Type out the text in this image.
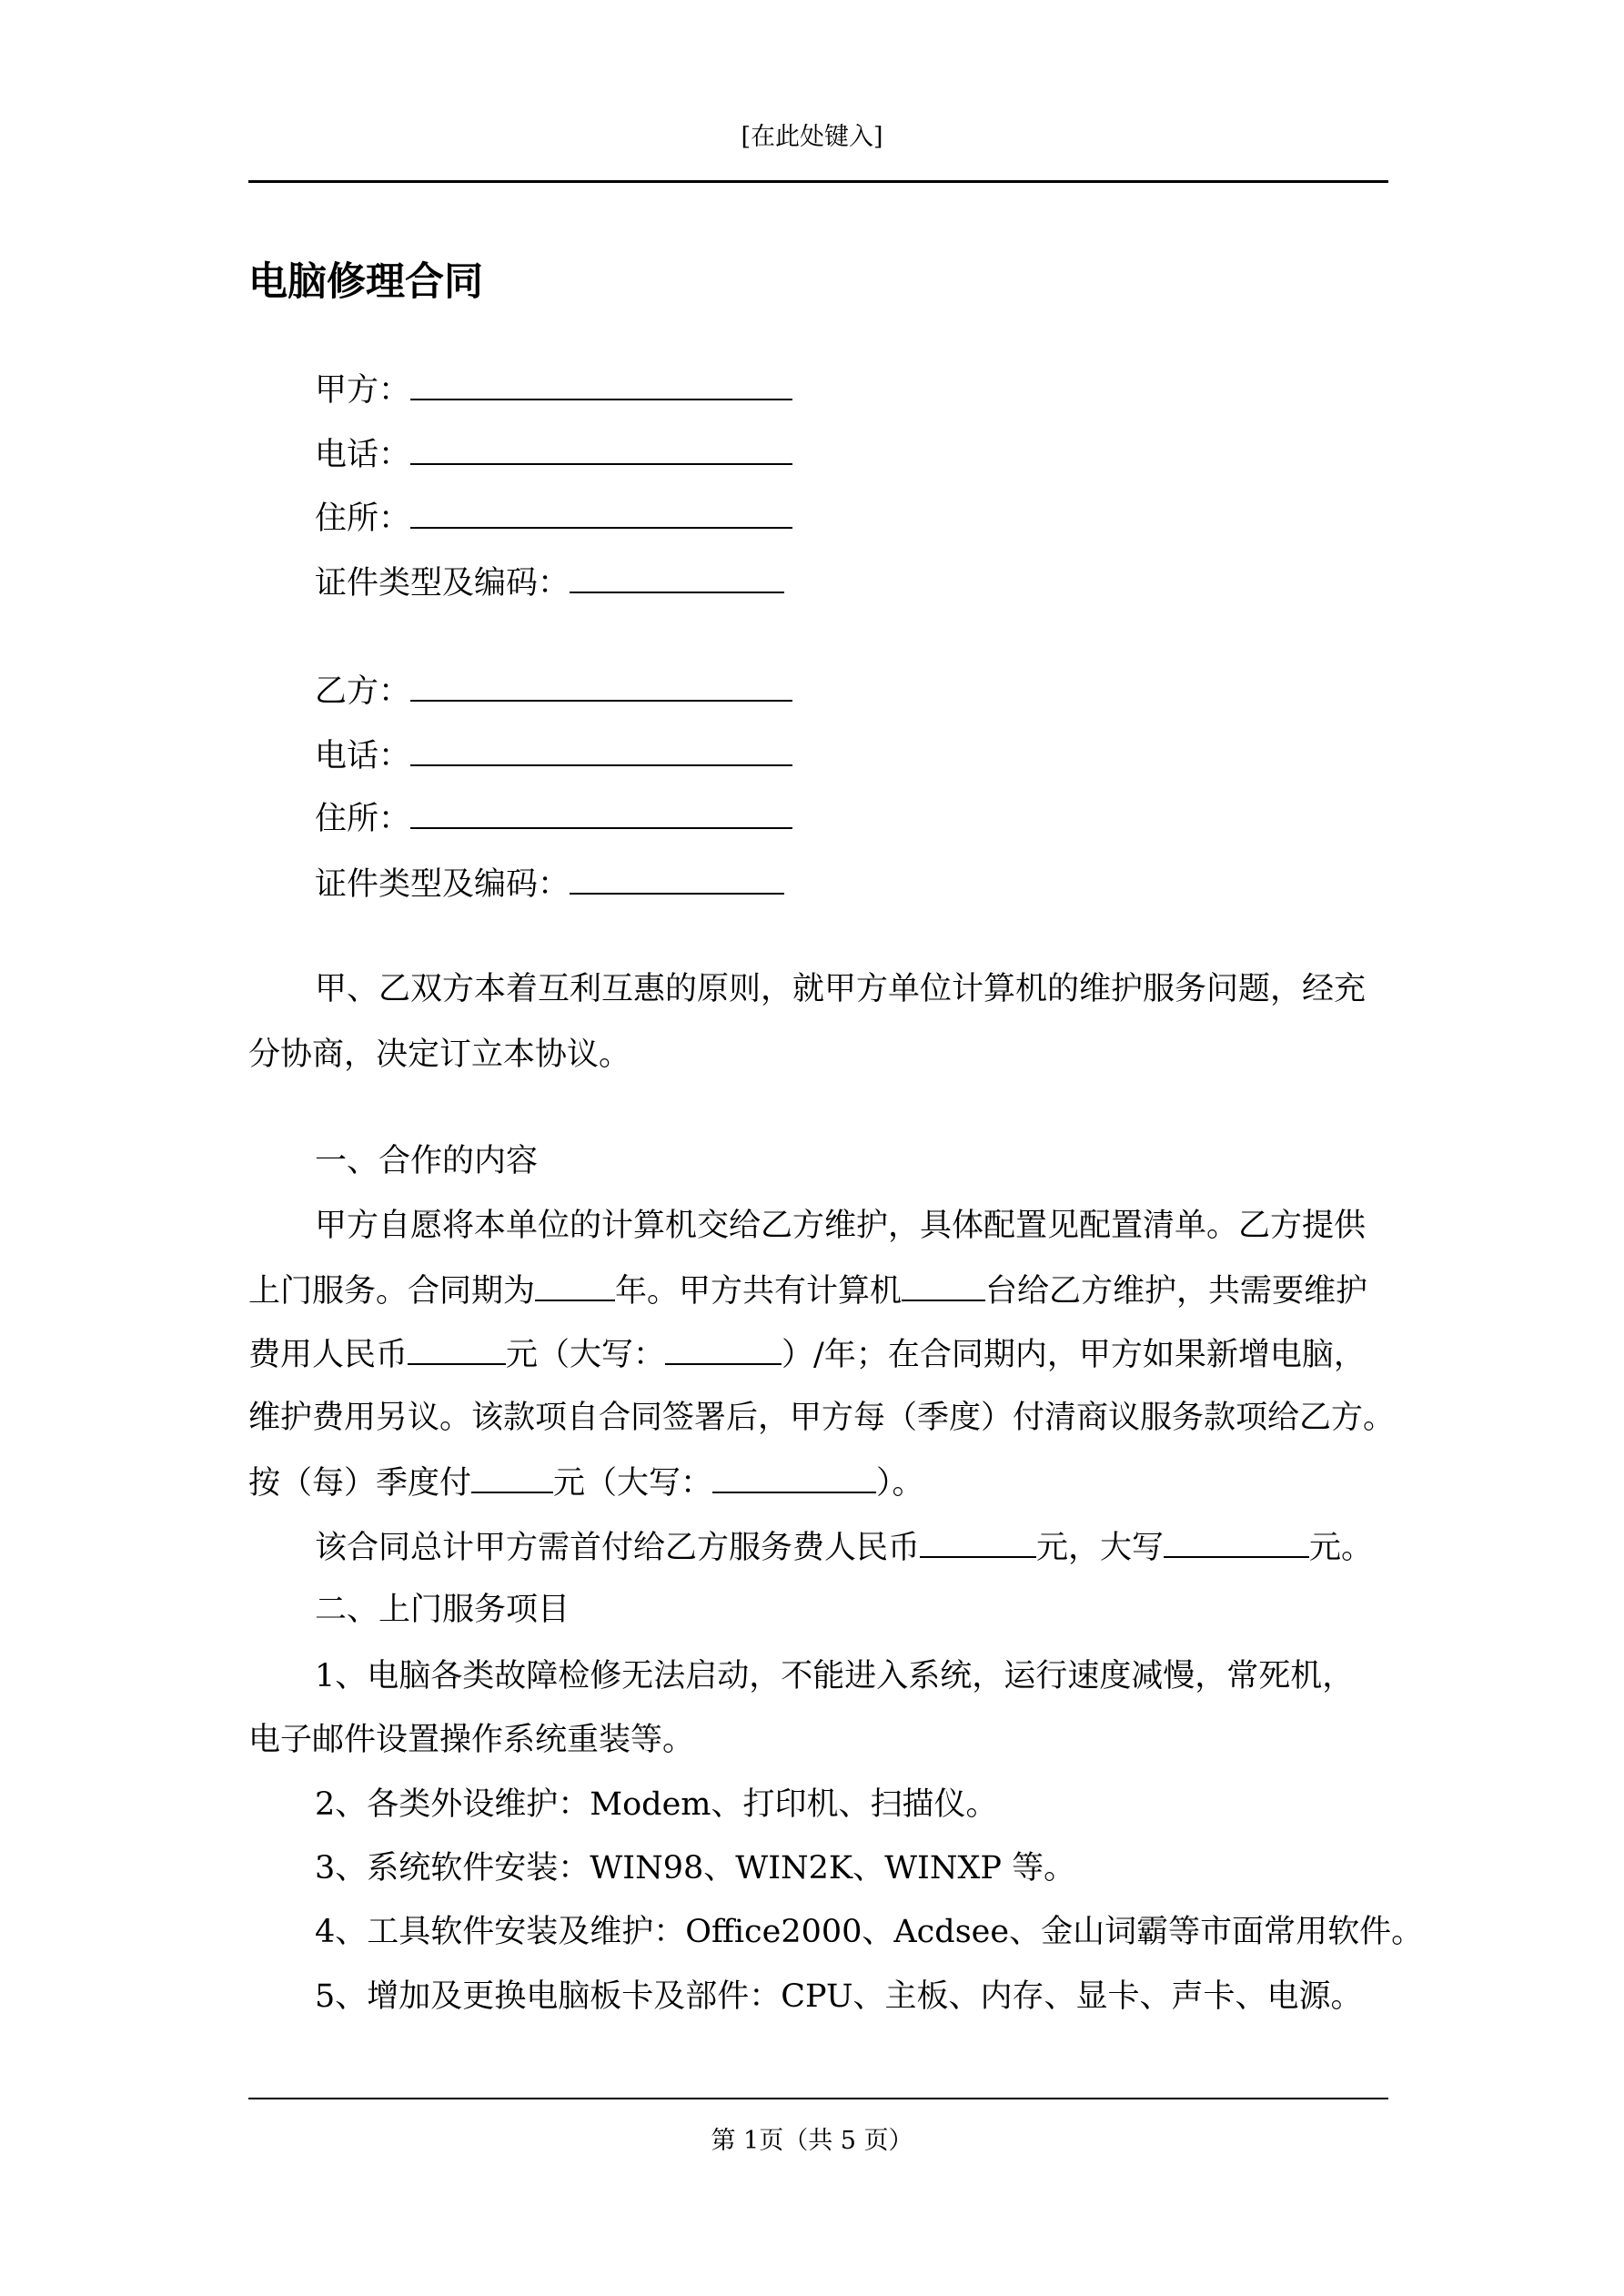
[在此处键入]
电脑修理合同
甲方：
电话：
住所：
证件类型及编码：
乙方：
电话：
住所：
证件类型及编码：
甲、乙双方本着互利互惠的原则，就甲方单位计算机的维护服务问题，经充
分协商，决定订立本协议。
一、合作的内容
甲方自愿将本单位的计算机交给乙方维护，具体配置见配置清单。乙方提供
上门服务。合同期为	年。甲方共有计算机	台给乙方维护，共需要维护
费用人民币	元（大写：	）/年；在合同期内，甲方如果新增电脑，
维护费用另议。该款项自合同签署后，甲方每（季度）付清商议服务款项给乙方。
按（每）季度付	元（大写：	）。
该合同总计甲方需首付给乙方服务费人民币	元，大写	元。
二、上门服务项目
1、电脑各类故障检修无法启动，不能进入系统，运行速度减慢，常死机，
电子邮件设置操作系统重装等。
2、各类外设维护：Modem、打印机、扫描仪。
3、系统软件安装：WIN98、WIN2K、WINXP 等。
4、工具软件安装及维护：Office2000、Acdsee、金山词霸等市面常用软件。
5、增加及更换电脑板卡及部件：CPU、主板、内存、显卡、声卡、电源。
第 1页（共 5 页）
